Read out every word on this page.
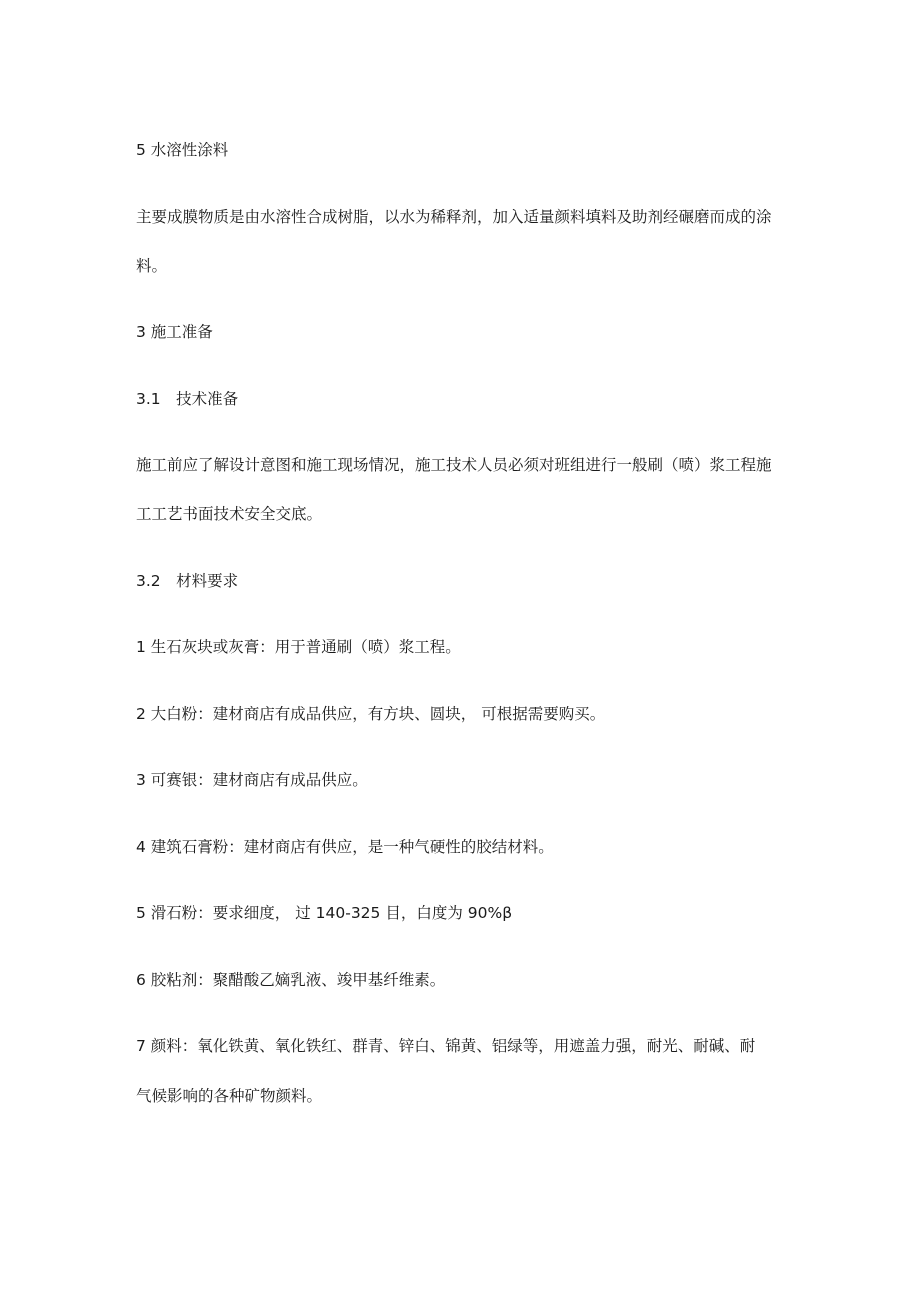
5 水溶性涂料
主要成膜物质是由水溶性合成树脂，以水为稀释剂，加入适量颜料填料及助剂经碾磨而成的涂
料。
3 施工准备
3.1　技术准备
施工前应了解设计意图和施工现场情况，施工技术人员必须对班组进行一般刷（喷）浆工程施
工工艺书面技术安全交底。
3.2　材料要求
1 生石灰块或灰膏：用于普通刷（喷）浆工程。
2 大白粉：建材商店有成品供应，有方块、圆块， 可根据需要购买。
3 可赛银：建材商店有成品供应。
4 建筑石膏粉：建材商店有供应，是一种气硬性的胶结材料。
5 滑石粉：要求细度， 过 140-325 目，白度为 90%β
6 胶粘剂：聚醋酸乙嫡乳液、竣甲基纤维素。
7 颜料：氧化铁黄、氧化铁红、群青、锌白、锦黄、铝绿等，用遮盖力强，耐光、耐碱、耐
气候影响的各种矿物颜料。
